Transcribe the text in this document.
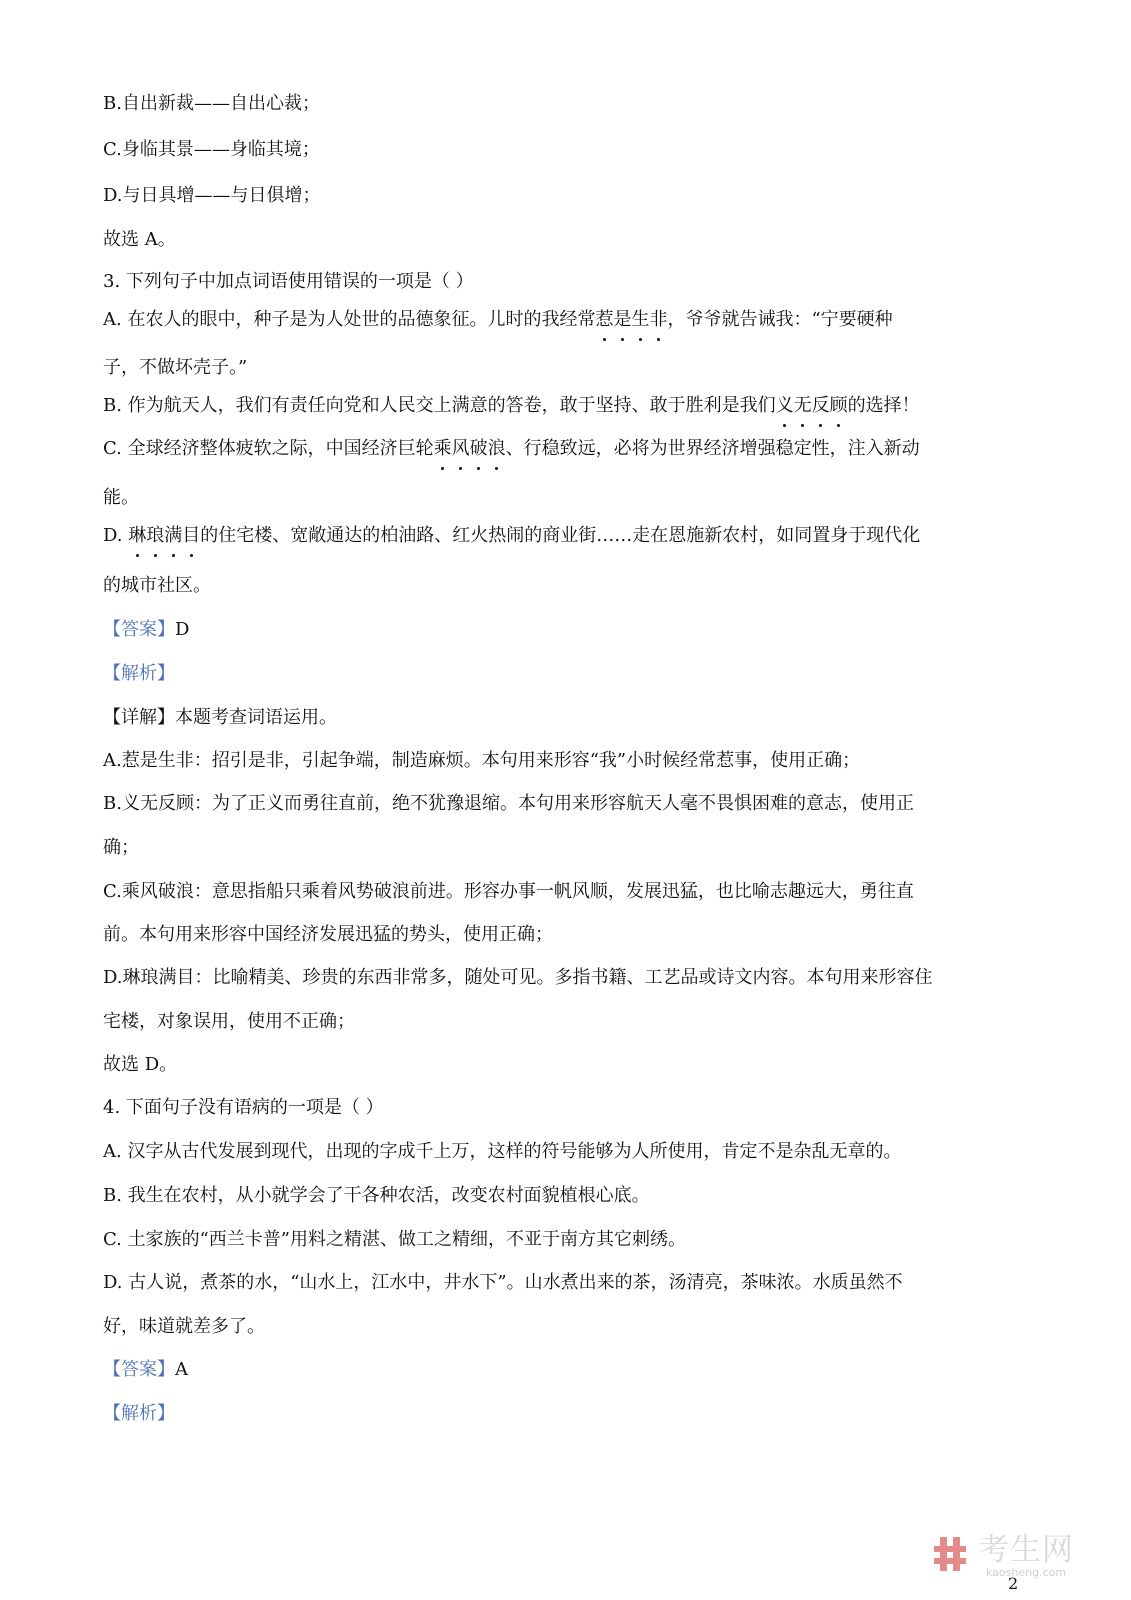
B.自出新裁——自出心裁；

C.身临其景——身临其境；

D.与日具增——与日俱增；

故选 A。

3. 下列句子中加点词语使用错误的一项是（ ）

A. 在农人的眼中，种子是为人处世的品德象征。儿时的我经常惹是生非，爷爷就告诫我：“宁要硬种

子，不做坏壳子。”

B. 作为航天人，我们有责任向党和人民交上满意的答卷，敢于坚持、敢于胜利是我们义无反顾的选择！

C. 全球经济整体疲软之际，中国经济巨轮乘风破浪、行稳致远，必将为世界经济增强稳定性，注入新动

能。

D. 琳琅满目的住宅楼、宽敞通达的柏油路、红火热闹的商业街……走在恩施新农村，如同置身于现代化

的城市社区。

【答案】D

【解析】

【详解】本题考查词语运用。

A.惹是生非：招引是非，引起争端，制造麻烦。本句用来形容“我”小时候经常惹事，使用正确；

B.义无反顾：为了正义而勇往直前，绝不犹豫退缩。本句用来形容航天人毫不畏惧困难的意志，使用正

确；

C.乘风破浪：意思指船只乘着风势破浪前进。形容办事一帆风顺，发展迅猛，也比喻志趣远大，勇往直

前。本句用来形容中国经济发展迅猛的势头，使用正确；

D.琳琅满目：比喻精美、珍贵的东西非常多，随处可见。多指书籍、工艺品或诗文内容。本句用来形容住

宅楼，对象误用，使用不正确；

故选 D。

4. 下面句子没有语病的一项是（ ）

A. 汉字从古代发展到现代，出现的字成千上万，这样的符号能够为人所使用，肯定不是杂乱无章的。

B. 我生在农村，从小就学会了干各种农活，改变农村面貌植根心底。

C. 土家族的“西兰卡普”用料之精湛、做工之精细，不亚于南方其它刺绣。

D. 古人说，煮茶的水，“山水上，江水中，井水下”。山水煮出来的茶，汤清亮，茶味浓。水质虽然不

好，味道就差多了。

【答案】A

【解析】

考生网
kaosheng.com
2
